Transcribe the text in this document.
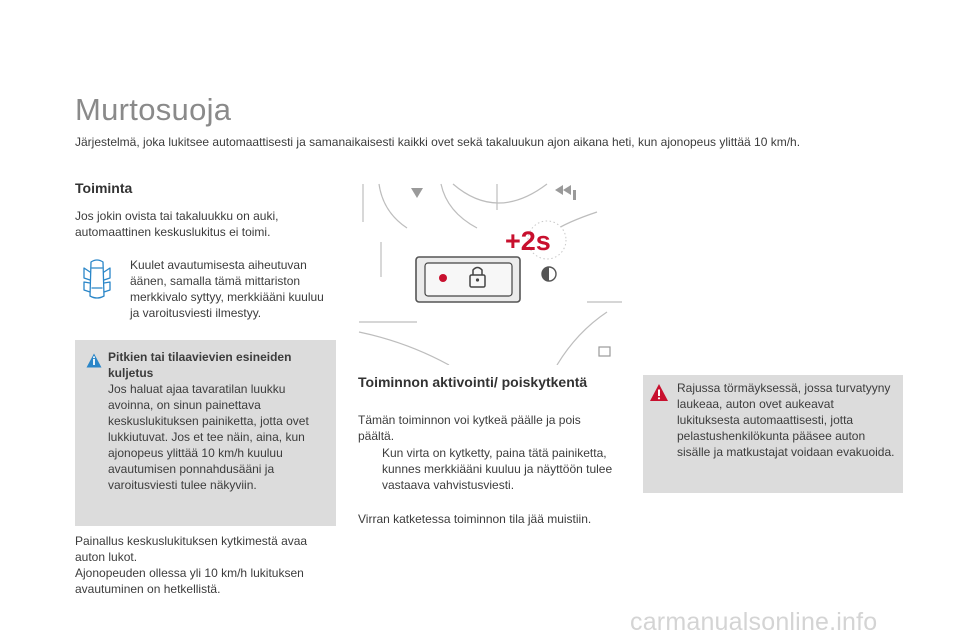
Murtosuoja
Järjestelmä, joka lukitsee automaattisesti ja samanaikaisesti kaikki ovet sekä takaluukun ajon aikana heti, kun ajonopeus ylittää 10 km/h.
Toiminta
Jos jokin ovista tai takaluukku on auki, automaattinen keskuslukitus ei toimi.
Kuulet avautumisesta aiheutuvan äänen, samalla tämä mittariston merkkivalo syttyy, merkkiääni kuuluu ja varoitusviesti ilmestyy.
Pitkien tai tilaavievien esineiden kuljetus
Jos haluat ajaa tavaratilan luukku avoinna, on sinun painettava keskuslukituksen painiketta, jotta ovet lukkiutuvat. Jos et tee näin, aina, kun ajonopeus ylittää 10 km/h kuuluu avautumisen ponnahdusääni ja varoitusviesti tulee näkyviin.
Painallus keskuslukituksen kytkimestä avaa auton lukot.
Ajonopeuden ollessa yli 10 km/h lukituksen avautuminen on hetkellistä.
+2s
Toiminnon aktivointi/ poiskytkentä
Tämän toiminnon voi kytkeä päälle ja pois päältä.
Kun virta on kytketty, paina tätä painiketta, kunnes merkkiääni kuuluu ja näyttöön tulee vastaava vahvistusviesti.
Virran katketessa toiminnon tila jää muistiin.
Rajussa törmäyksessä, jossa turvatyyny laukeaa, auton ovet aukeavat lukituksesta automaattisesti, jotta pelastushenkilökunta pääsee auton sisälle ja matkustajat voidaan evakuoida.
carmanualsonline.info
